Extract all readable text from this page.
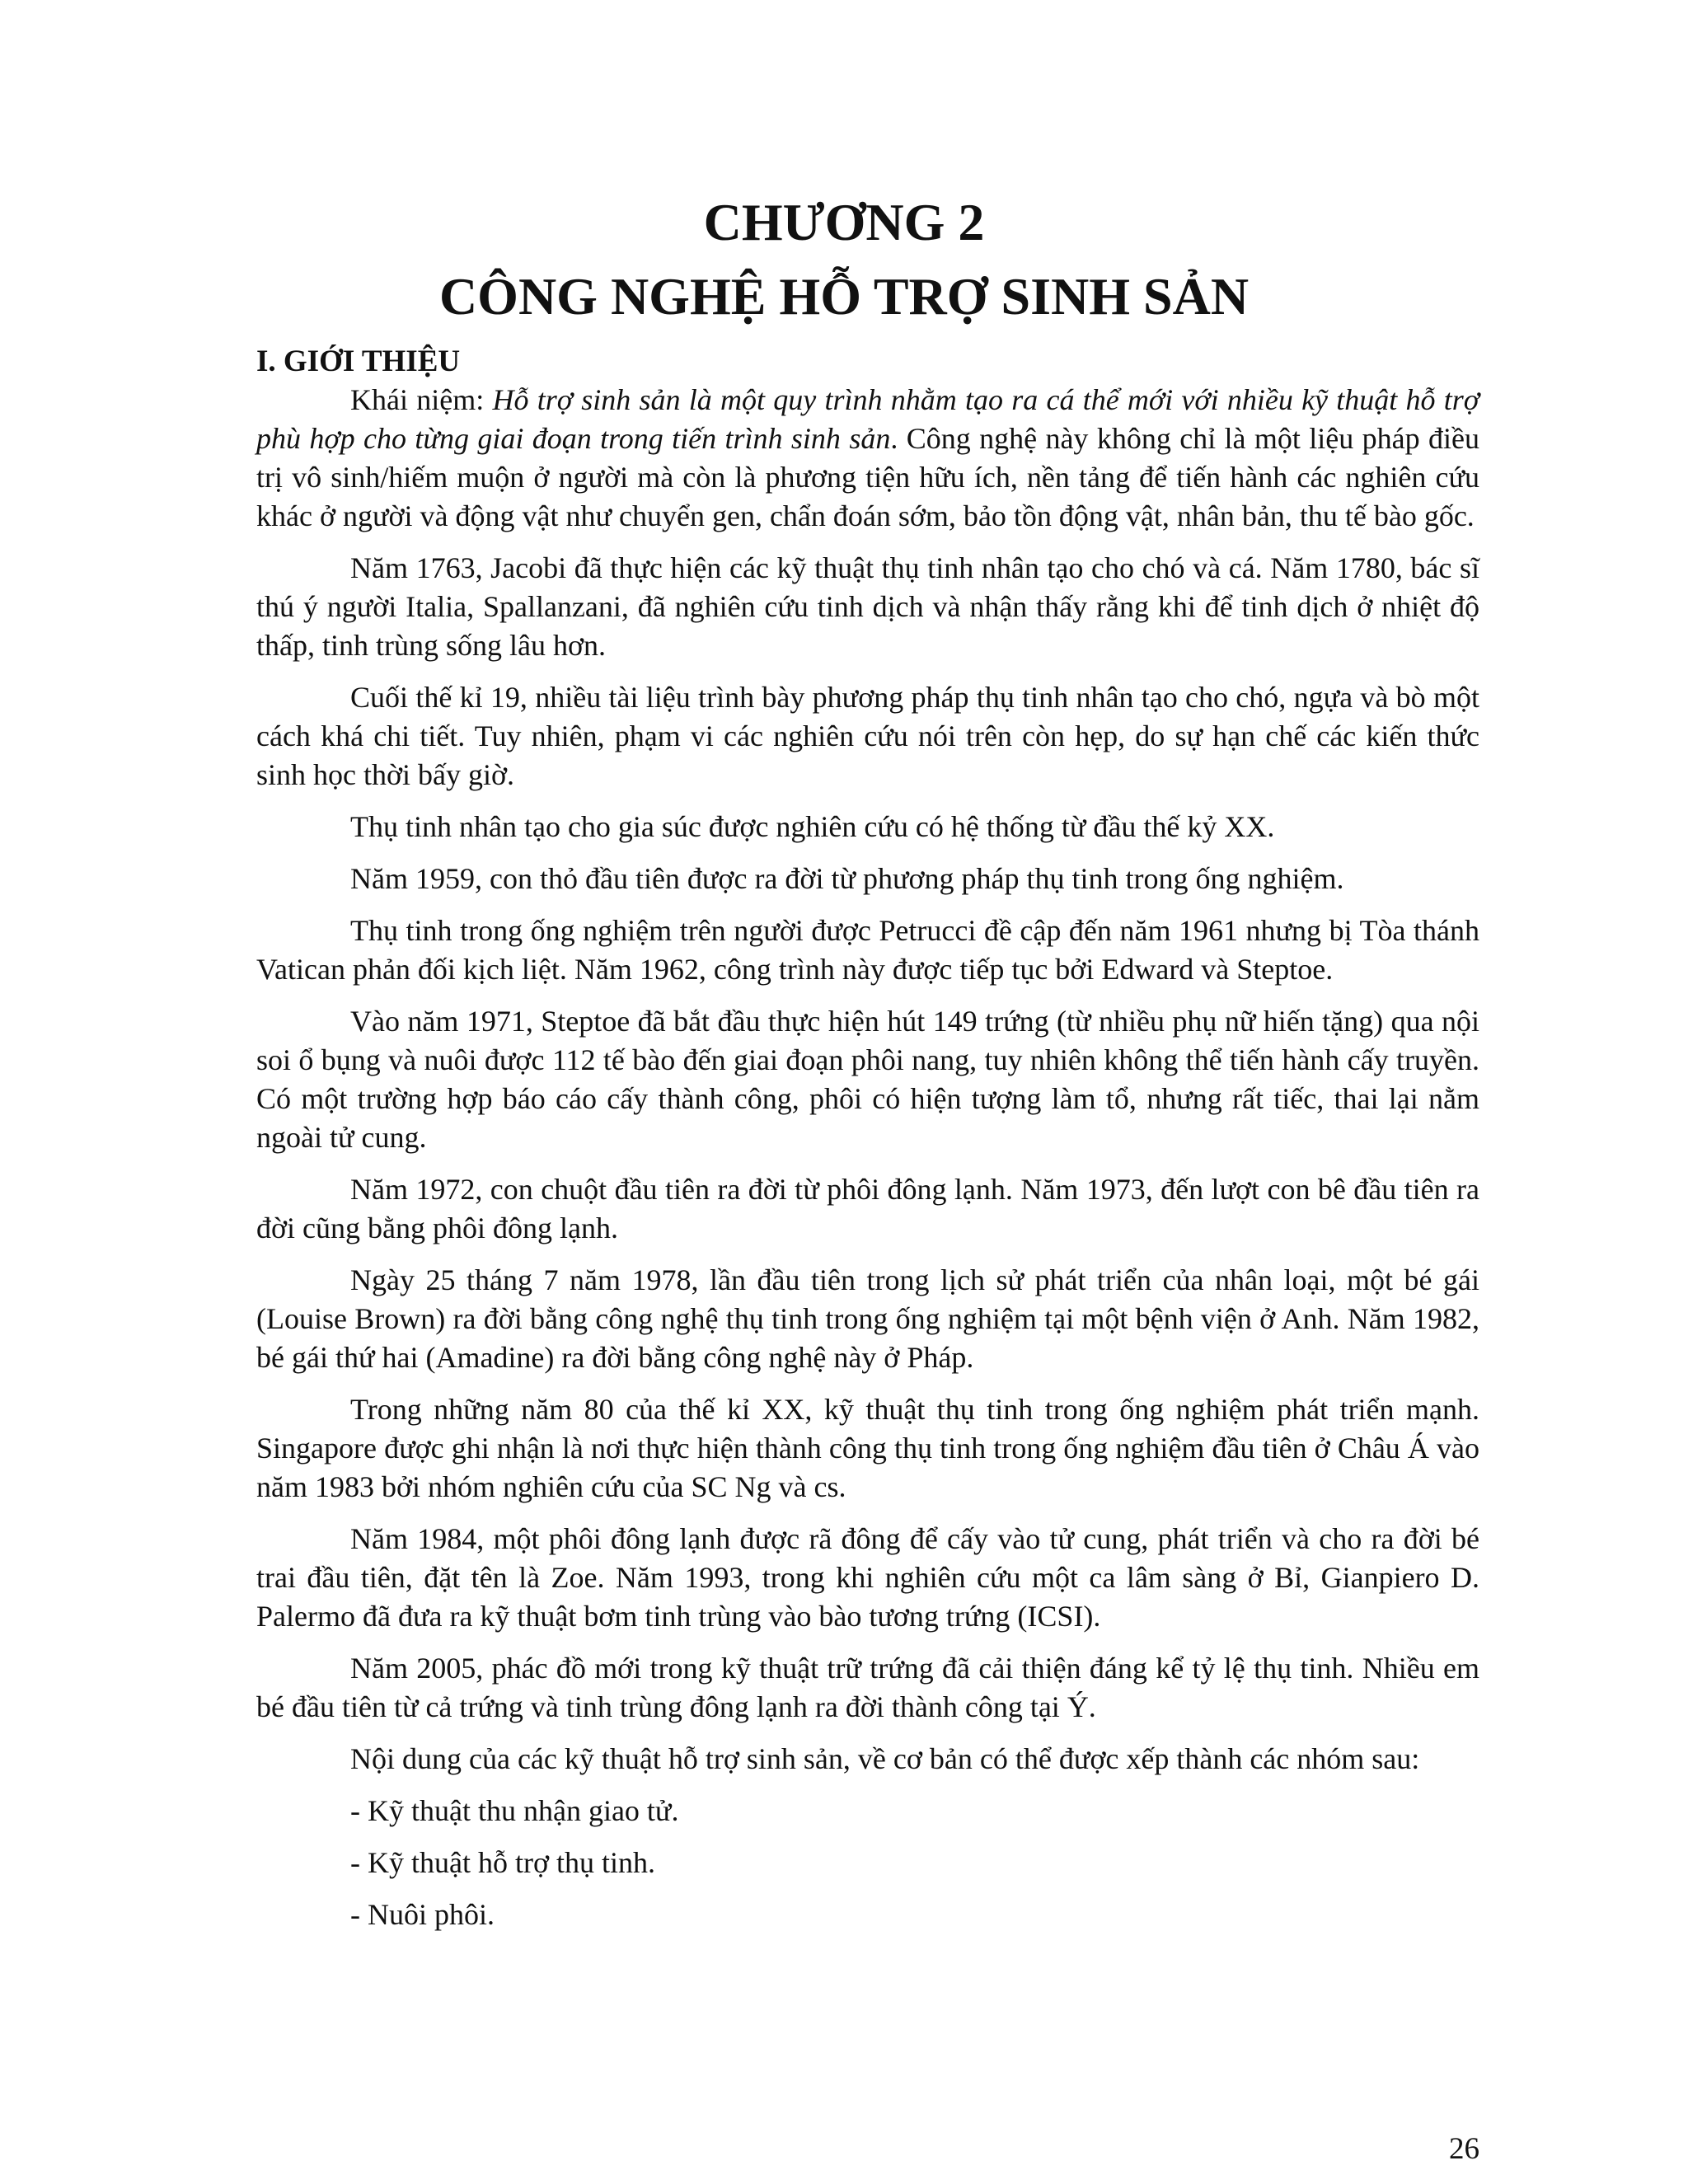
CHƯƠNG 2
CÔNG NGHỆ HỖ TRỢ SINH SẢN
I. GIỚI THIỆU

Khái niệm: Hỗ trợ sinh sản là một quy trình nhằm tạo ra cá thể mới với nhiều kỹ thuật hỗ trợ phù hợp cho từng giai đoạn trong tiến trình sinh sản. Công nghệ này không chỉ là một liệu pháp điều trị vô sinh/hiếm muộn ở người mà còn là phương tiện hữu ích, nền tảng để tiến hành các nghiên cứu khác ở người và động vật như chuyển gen, chẩn đoán sớm, bảo tồn động vật, nhân bản, thu tế bào gốc.

Năm 1763, Jacobi đã thực hiện các kỹ thuật thụ tinh nhân tạo cho chó và cá. Năm 1780, bác sĩ thú ý người Italia, Spallanzani, đã nghiên cứu tinh dịch và nhận thấy rằng khi để tinh dịch ở nhiệt độ thấp, tinh trùng sống lâu hơn.

Cuối thế kỉ 19, nhiều tài liệu trình bày phương pháp thụ tinh nhân tạo cho chó, ngựa và bò một cách khá chi tiết. Tuy nhiên, phạm vi các nghiên cứu nói trên còn hẹp, do sự hạn chế các kiến thức sinh học thời bấy giờ.

Thụ tinh nhân tạo cho gia súc được nghiên cứu có hệ thống từ đầu thế kỷ XX.

Năm 1959, con thỏ đầu tiên được ra đời từ phương pháp thụ tinh trong ống nghiệm.

Thụ tinh trong ống nghiệm trên người được Petrucci đề cập đến năm 1961 nhưng bị Tòa thánh Vatican phản đối kịch liệt. Năm 1962, công trình này được tiếp tục bởi Edward và Steptoe.

Vào năm 1971, Steptoe đã bắt đầu thực hiện hút 149 trứng (từ nhiều phụ nữ hiến tặng) qua nội soi ổ bụng và nuôi được 112 tế bào đến giai đoạn phôi nang, tuy nhiên không thể tiến hành cấy truyền. Có một trường hợp báo cáo cấy thành công, phôi có hiện tượng làm tổ, nhưng rất tiếc, thai lại nằm ngoài tử cung.

Năm 1972, con chuột đầu tiên ra đời từ phôi đông lạnh. Năm 1973, đến lượt con bê đầu tiên ra đời cũng bằng phôi đông lạnh.

Ngày 25 tháng 7 năm 1978, lần đầu tiên trong lịch sử phát triển của nhân loại, một bé gái (Louise Brown) ra đời bằng công nghệ thụ tinh trong ống nghiệm tại một bệnh viện ở Anh. Năm 1982, bé gái thứ hai (Amadine) ra đời bằng công nghệ này ở Pháp.

Trong những năm 80 của thế kỉ XX, kỹ thuật thụ tinh trong ống nghiệm phát triển mạnh. Singapore được ghi nhận là nơi thực hiện thành công thụ tinh trong ống nghiệm đầu tiên ở Châu Á vào năm 1983 bởi nhóm nghiên cứu của SC Ng và cs.

Năm 1984, một phôi đông lạnh được rã đông để cấy vào tử cung, phát triển và cho ra đời bé trai đầu tiên, đặt tên là Zoe. Năm 1993, trong khi nghiên cứu một ca lâm sàng ở Bỉ, Gianpiero D. Palermo đã đưa ra kỹ thuật bơm tinh trùng vào bào tương trứng (ICSI).

Năm 2005, phác đồ mới trong kỹ thuật trữ trứng đã cải thiện đáng kể tỷ lệ thụ tinh. Nhiều em bé đầu tiên từ cả trứng và tinh trùng đông lạnh ra đời thành công tại Ý.

Nội dung của các kỹ thuật hỗ trợ sinh sản, về cơ bản có thể được xếp thành các nhóm sau:

- Kỹ thuật thu nhận giao tử.

- Kỹ thuật hỗ trợ thụ tinh.

- Nuôi phôi.

26
